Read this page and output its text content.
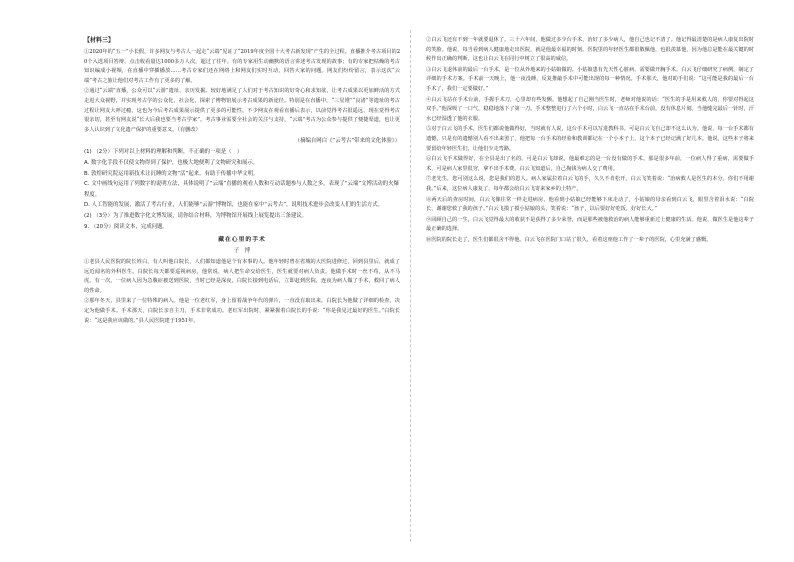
【材料三】

①2020年的“五一”小长假，许多网友与考古人一起走“云端”见证了“2019年度全国十大考古新发现”产生的全过程。直播推介考古项目的20个入选项目答辩，点击收看量达1000多万人次，超过了往年。有的专家用生动幽默的语言讲述考古发现的故事；有的专家把枯燥的考古知识编成小视频，在直播中穿插播放……考古专家们还在网络上和网友们实时互动，回答大家的问题。网友们纷纷留言，表示这次“云端”考古之旅让他们对考古工作有了更多的了解。

②通过“云端”直播，公众可以“云游”遗址、亲历发掘。较好地满足了人们对于考古知识的好奇心和求知欲，让考古成果以更加鲜活的方式走进大众视野，并实现考古学的公众化、社会化，探索了博物馆展示考古成果的新途径。特别是在直播中，“三星堆”“良渚”等遗址的考古过程让网友大呼过瘾，这也为今后考古成果展示提供了更多的可能性。不少网友在观看直播后表示，以前觉得考古很遥远，现在觉得考古很亲切，甚至有网友说“长大后我也要当考古学家”。考古事业需要全社会的关注与支持，“云端”考古为公众参与提供了便捷渠道，也让更多人认识到了文化遗产保护的重要意义。（有删改）

（摘编自网白《“云考古”带来的文化体验》）

(1) （2分）下列对以上材料的理解和判断，不正确的一项是（　）

A. 数字化手段不仅使文物得到了保护，也极大地便利了文物研究和展示。

B. 敦煌研究院运用新技术让沉睡的文物“活”起来，有助于传播中华文明。

C. 文中画线句运用了列数字的说明方法，具体说明了“云端”直播的观看人数和互动话题参与人数之多，表现了“云端”文博活动的火爆程度。

D. 人工智能的发展，激活了考古行业，人们能够“云游”博物馆，也能在家中“云考古”，说明技术进步会改变人们的生活方式。

(2) （3分）为了推进数字化文博发展，请你结合材料，为博物馆开展线上展览提出三条建议。

9. （20分）阅读文本，完成问题。

藏在心里的手术

子　博

①老县人民医院的院长姓白，有人叫他白院长，人们都知道他是个有本事的人。他年轻时曾在省城的大医院进修过，回到县里后，就成了远近闻名的外科医生。白院长每天都要巡视病房，他常说，病人把生命交给医生，医生就要对病人负责。他做手术时一丝不苟，从不马虎。有一次，一位病人因为急腹症被送到医院，当时已经是深夜，白院长接到电话后，立即赶到医院，连夜为病人做了手术，救回了病人的性命。

②那年冬天，县里来了一位特殊的病人。他是一位老红军，身上留着战争年代的弹片，一直没有取出来。白院长为他做了详细的检查，决定为他做手术。手术那天，白院长亲自主刀，手术非常成功。老红军出院时，紧紧握着白院长的手说：“你是我见过最好的医生。”白院长说：“这是我应该做的。”县人民医院建于1951年。

②白云飞还有不到一年就要退休了。三十六年间，他做过多少台手术，治好了多少病人，他自己也记不清了。他记得最清楚的是病人康复出院时的笑脸。他说，每当看到病人健康地走出医院，就是他最幸福的时刻。医院里的年轻医生都很敬佩他，也很羡慕他，因为他总是能在最关键的时候作出正确的判断，这也让白云飞在同行中树立了很高的威信。

③白云飞退休前的最后一台手术，是一位从外地来的小姑娘做的。小姑娘患有先天性心脏病，需要做开胸手术。白云飞仔细研究了病例，制定了详细的手术方案。手术前一天晚上，他一夜没睡，反复推敲手术中可能出现的每一种情况。手术那天，他对助手们说：“这可能是我的最后一台手术了，我们一定要做好。”

④白云飞站在手术台前，手握手术刀，心里却有些发颤。他想起了自己刚当医生时，老师对他说的话：“医生的手是用来救人的，你要对得起这双手。”他深吸了一口气，稳稳地落下了第一刀。手术整整进行了六个小时，白云飞一直站在手术台前，没有休息片刻。当他缝完最后一针时，汗水已经湿透了他的衣服。

⑤对于白云飞的手术，医生们都说他做得好，当时就有人说，这台手术可以写进教科书。可是白云飞自己却不这么认为。他说，每一台手术都有遗憾，只是有的遗憾别人看不出来罢了。他把每一台手术的经验和教训都记在一个小本子上，这个本子已经记满了好几本。他说，这些本子将来要留给年轻医生们，让他们少走弯路。

⑥白云飞手术做得好，在全县是出了名的。可是白云飞却说，他最难忘的是一台没有做的手术。那是很多年前，一位病人得了重病，需要做手术，可是病人家里很穷，拿不出手术费。白云飞知道后，自己掏钱为病人交了费用。

⑦老先生，您可别这么说，您是我们的恩人。病人家属拉着白云飞的手，久久不肯松开。白云飞笑着说：“治病救人是医生的本分，你们不用谢我。”后来，这位病人康复了，每年都会给白云飞寄来家乡的土特产。

⑧两天后的查房时间，白云飞像往常一样走进病房，他看到小姑娘已经能够下床走动了，小姑娘的母亲看到白云飞，眼里含着泪水说：“白院长，谢谢您救了我的孩子。”白云飞摸了摸小姑娘的头，笑着说：“孩子，以后要好好吃饭，好好长大。”

⑨回顾自己的一生，白云飞觉得最大的收获不是获得了多少荣誉，而是那些被他救治的病人能够重新过上健康的生活。他说，做医生是他这辈子最正确的选择。

⑩医院的院长走了，医生们都很舍不得他。白云飞在医院门口站了很久，看着这座他工作了一辈子的医院，心里充满了感慨。
